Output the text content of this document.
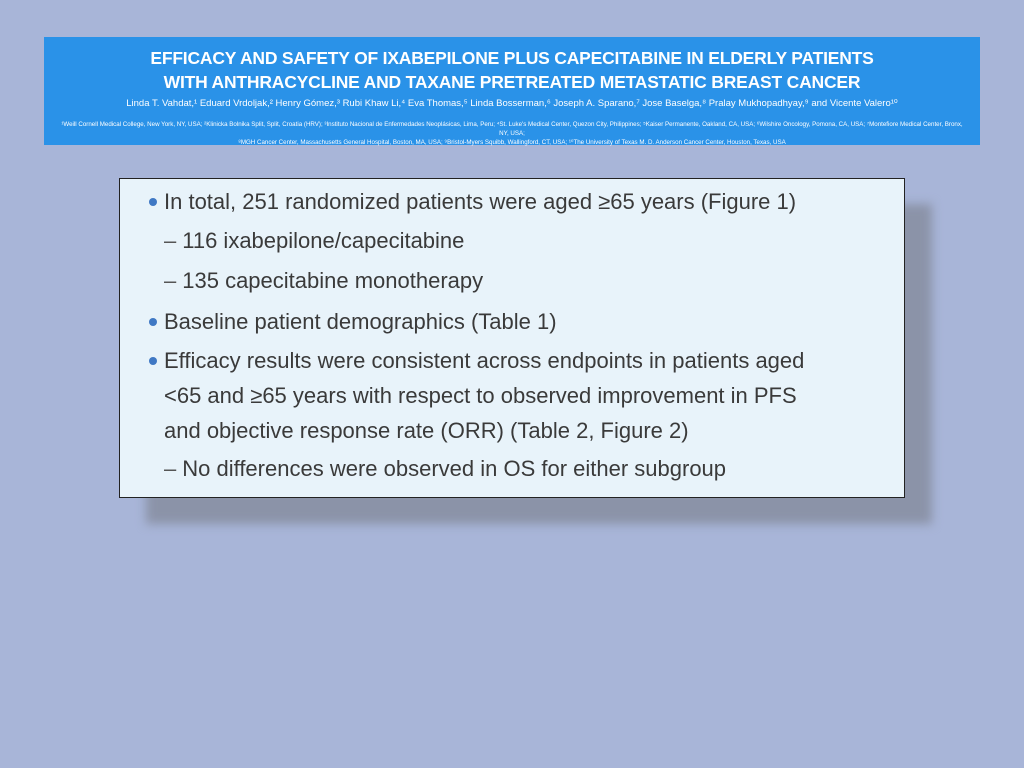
EFFICACY AND SAFETY OF IXABEPILONE PLUS CAPECITABINE IN ELDERLY PATIENTS
WITH ANTHRACYCLINE AND TAXANE PRETREATED METASTATIC BREAST CANCER
Linda T. Vahdat,¹ Eduard Vrdoljak,² Henry Gómez,³ Rubi Khaw Li,⁴ Eva Thomas,⁵ Linda Bosserman,⁶ Joseph A. Sparano,⁷ Jose Baselga,⁸ Pralay Mukhopadhyay,⁹ and Vicente Valero¹⁰
¹Weill Cornell Medical College, New York, NY, USA; ²Klinicka Bolnika Split, Split, Croatia (HRV); ³Instituto Nacional de Enfermedades Neoplásicas, Lima, Peru; ⁴St. Luke's Medical Center, Quezon City, Philippines; ⁵Kaiser Permanente, Oakland, CA, USA; ⁶Wilshire Oncology, Pomona, CA, USA; ⁷Montefiore Medical Center, Bronx, NY, USA;
⁸MGH Cancer Center, Massachusetts General Hospital, Boston, MA, USA; ⁹Bristol-Myers Squibb, Wallingford, CT, USA; ¹⁰The University of Texas M. D. Anderson Cancer Center, Houston, Texas, USA
In total, 251 randomized patients were aged ≥65 years (Figure 1)
– 116 ixabepilone/capecitabine
– 135 capecitabine monotherapy
Baseline patient demographics (Table 1)
Efficacy results were consistent across endpoints in patients aged
<65 and ≥65 years with respect to observed improvement in PFS
and objective response rate (ORR) (Table 2, Figure 2)
– No differences were observed in OS for either subgroup
